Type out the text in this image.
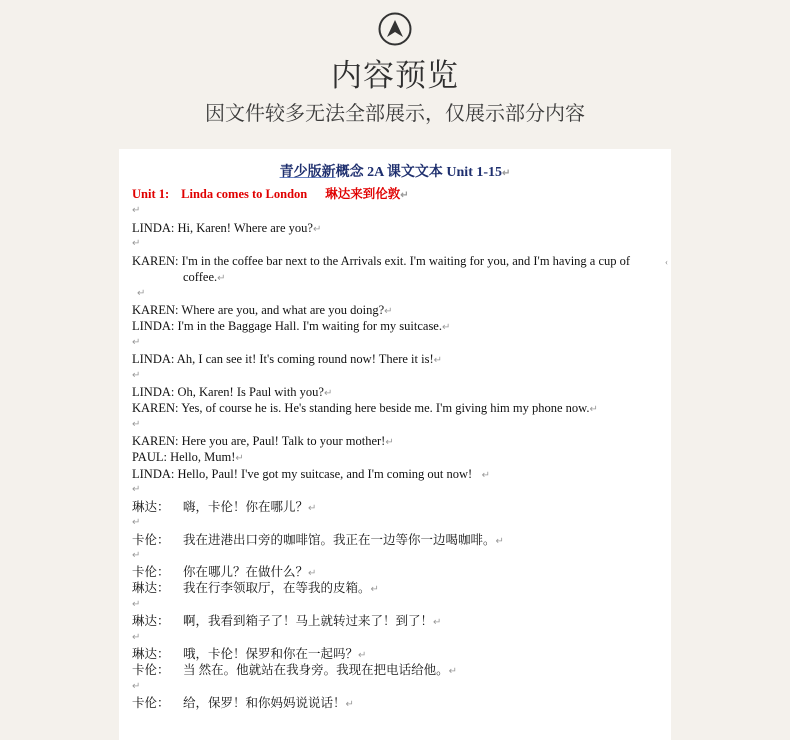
内容预览
因文件较多无法全部展示，仅展示部分内容
青少版新概念 2A 课文文本 Unit 1-15↵
Unit 1: Linda comes to London 琳达来到伦敦↵
↵
LINDA: Hi, Karen! Where are you?↵
↵
KAREN: I'm in the coffee bar next to the Arrivals exit. I'm waiting for you, and I'm having a cup of
coffee.↵
‹
↵
KAREN: Where are you, and what are you doing?↵
LINDA: I'm in the Baggage Hall. I'm waiting for my suitcase.↵
↵
LINDA: Ah, I can see it! It's coming round now! There it is!↵
↵
LINDA: Oh, Karen! Is Paul with you?↵
KAREN: Yes, of course he is. He's standing here beside me. I'm giving him my phone now.↵
↵
KAREN: Here you are, Paul! Talk to your mother!↵
PAUL: Hello, Mum!↵
LINDA: Hello, Paul! I've got my suitcase, and I'm coming out now! ↵
↵
琳达： 嗨，卡伦！你在哪儿？↵
↵
卡伦： 我在进港出口旁的咖啡馆。我正在一边等你一边喝咖啡。↵
↵
卡伦： 你在哪儿？在做什么？↵
琳达： 我在行李领取厅，在等我的皮箱。↵
↵
琳达： 啊，我看到箱子了！马上就转过来了！到了！↵
↵
琳达： 哦，卡伦！保罗和你在一起吗？↵
卡伦： 当 然在。他就站在我身旁。我现在把电话给他。↵
↵
卡伦： 给，保罗！和你妈妈说说话！↵
